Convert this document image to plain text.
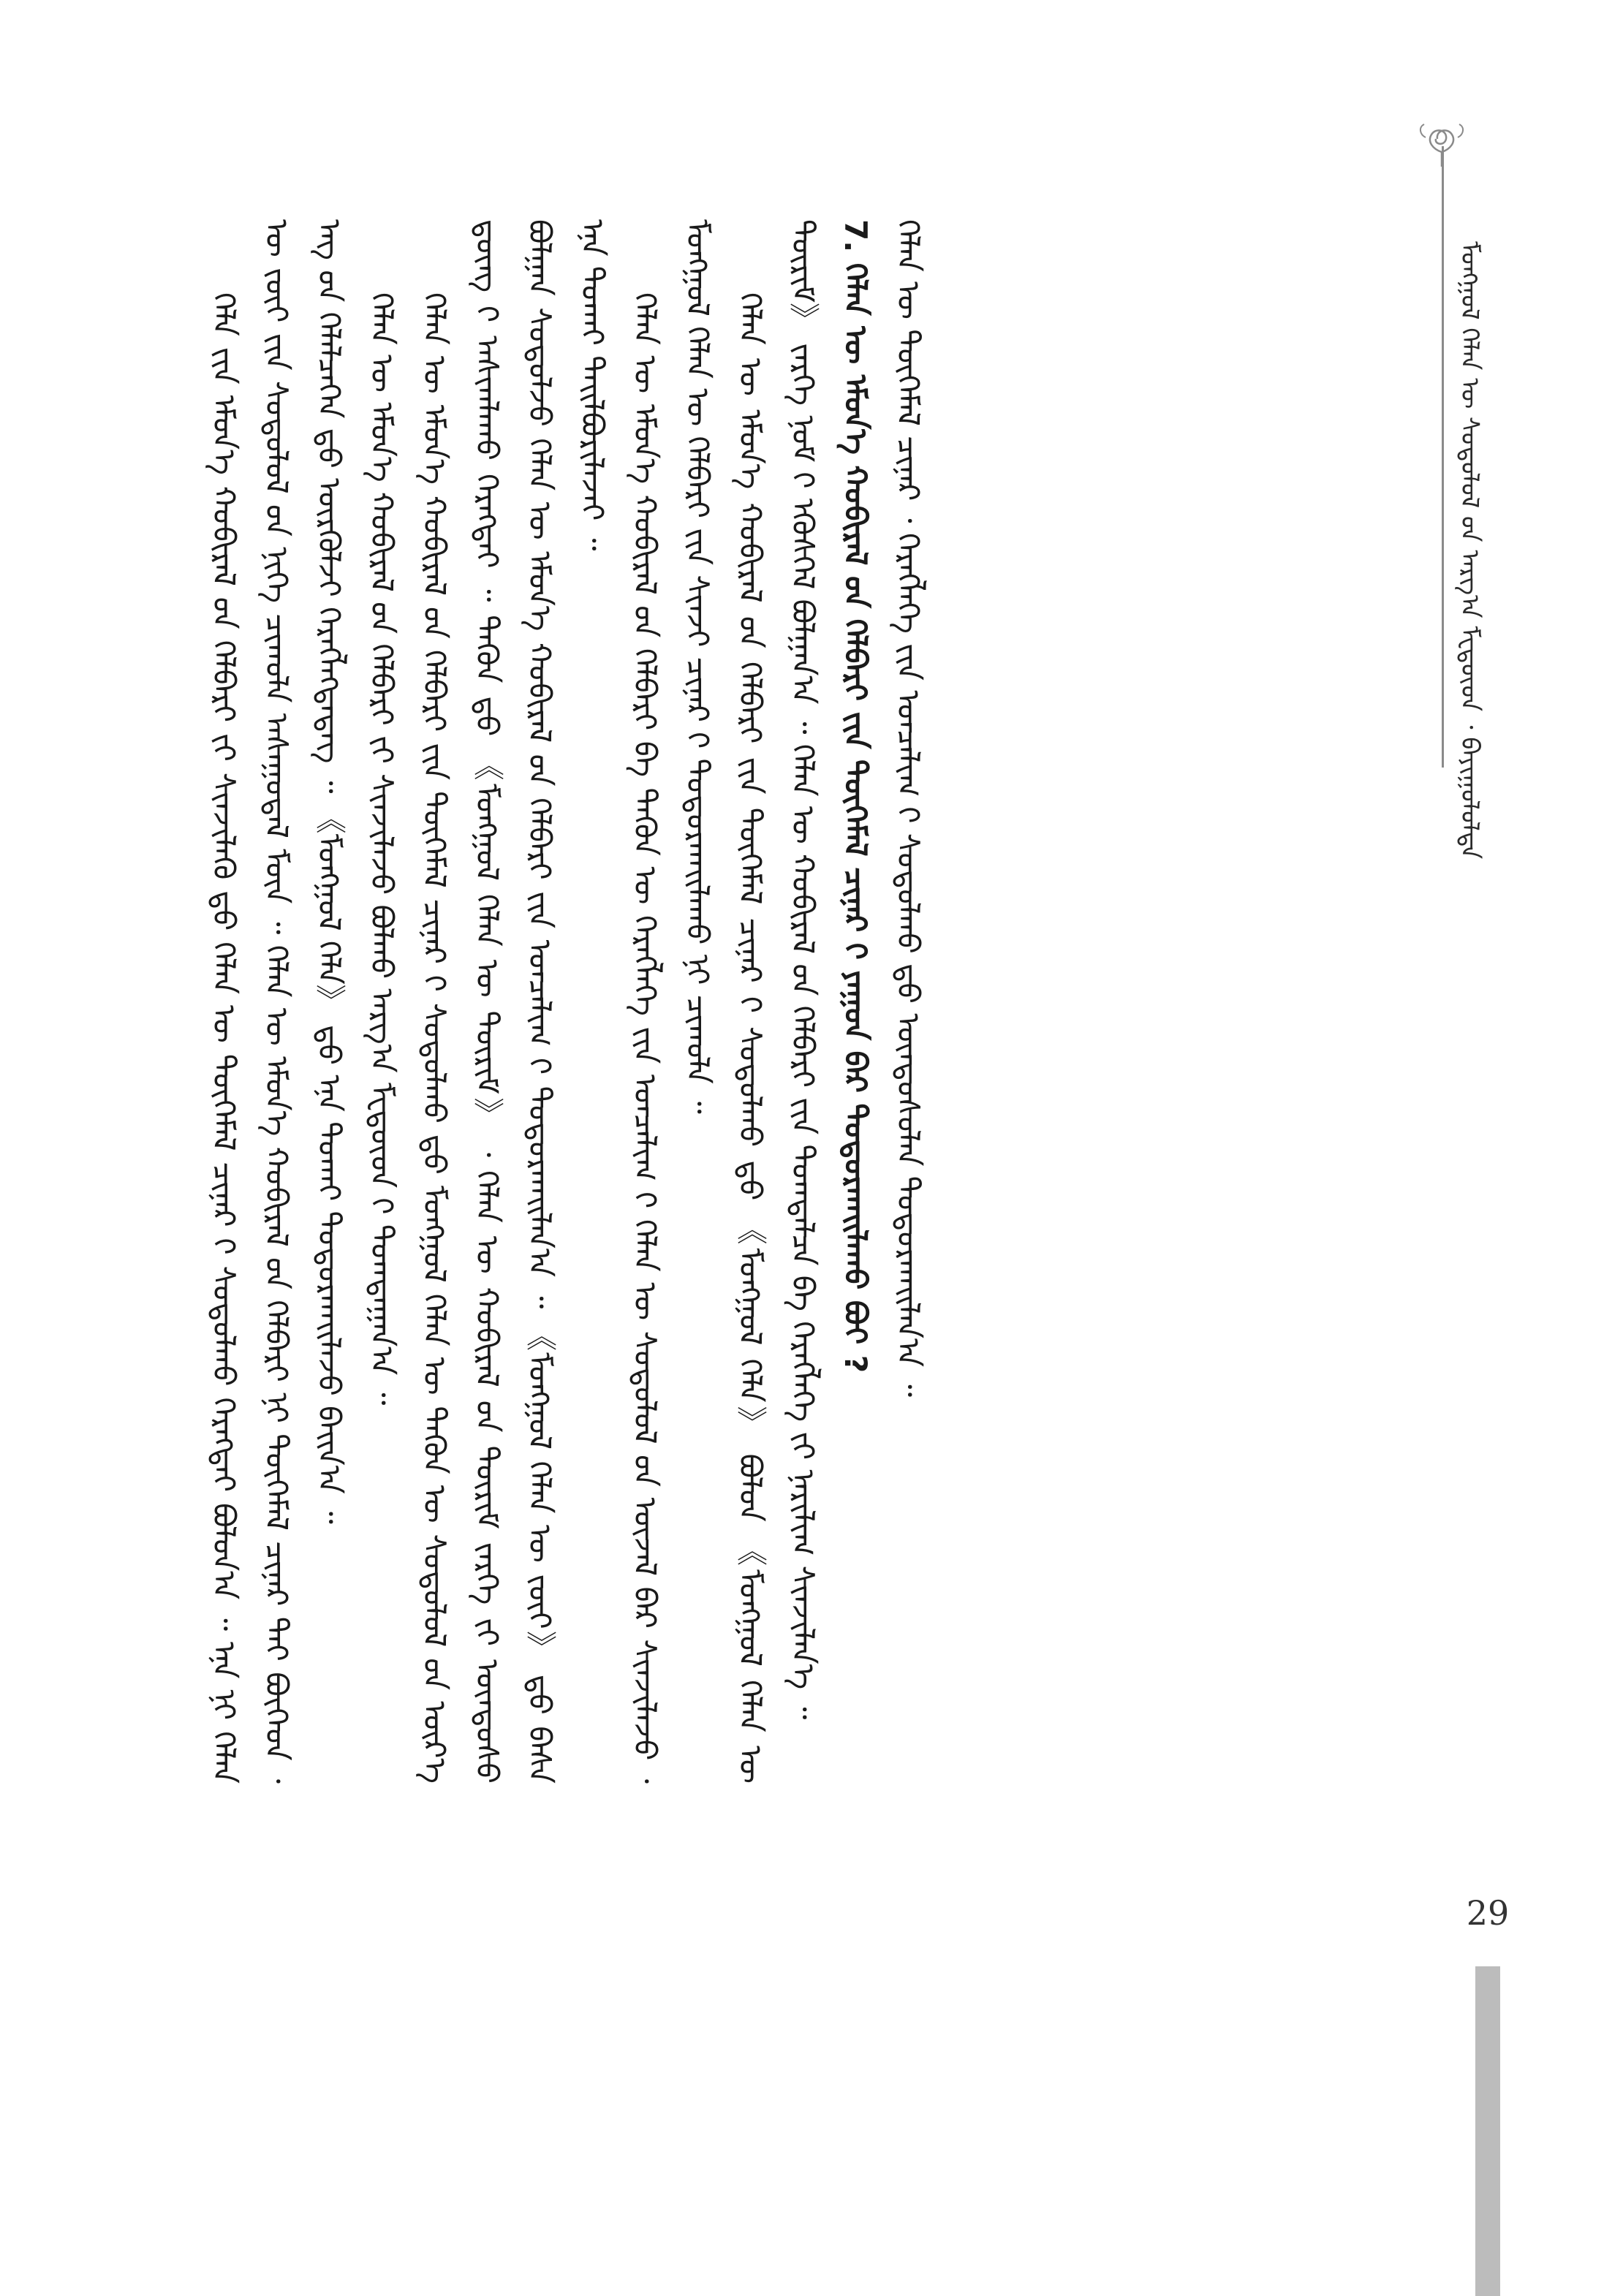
ᠮᠣᠩᠭᠣᠯ ᠬᠡᠯᠡᠨ ᠦ ᠰᠤᠳᠤᠯᠤᠯ ᠤ᠋ᠨ ᠠᠷᠭ᠎ᠠ ᠮᠸᠲᠦ᠋ᠳ ᠂ ᠪᠠᠶᠢᠭᠤᠯᠤᠯᠲᠠ

ᠬᠡᠯᠡ ᠶ᠋ᠢᠨ ᠡᠮᠦᠨ᠎ᠡ ᠬᠤᠪᠢᠷᠠᠯ ᠤ᠋ᠨ ᠬᠡᠯᠪᠡᠷᠢ ᠶ᠋ᠢ ᠰᠢᠨᠵᠢᠯᠡᠬᠦ ᠳ᠋ᠤ ᠬᠡᠯᠡᠨ ᠦ ᠲᠦᠭᠡᠮᠡᠯ ᠴᠢᠨᠠᠷ ᠢ᠋ ᠰᠤᠳᠤᠯᠬᠤ ᠬᠡᠷᠡᠭᠲᠡᠢ ᠪᠣᠯᠤᠨ᠎ᠠ ᠃ ᠡᠨᠡ ᠨᠢ ᠬᠡᠯᠡᠨ ᠦ ᠵᠦᠢ ᠶ᠋ᠢᠨ ᠰᠤᠳᠤᠯᠤᠯ ᠤ᠋ᠨ ᠨᠢᠭᠡ ᠴᠢᠬᠤᠯᠠ ᠠᠰᠠᠭᠤᠳᠠᠯ ᠮᠥᠨ ᠃ ᠬᠡᠯᠡᠨ ᠦ ᠡᠮᠦᠨ᠎ᠡ ᠬᠤᠪᠢᠷᠠᠯ ᠤ᠋ᠨ ᠬᠡᠯᠪᠡᠷᠢ ᠨᠢ ᠲᠦᠭᠡᠮᠡᠯ ᠴᠢᠨᠠᠷ ᠲᠠᠢ ᠪᠥᠭᠡᠳ ᠂ ᠡᠩ ᠤ᠋ᠨ ᠬᠡᠯᠡᠯᠴᠡᠭᠡᠨ ᠳ᠋ᠦ ᠦᠷᠭᠦᠯᠵᠢ ᠬᠡᠷᠡᠭᠯᠡᠭᠳᠡᠳᠡᠭ ᠃ 《ᠮᠣᠩᠭᠣᠯ ᠬᠡᠯᠡ》 ᠳ᠋ᠤ ᠡᠨᠡ ᠲᠤᠬᠠᠢ ᠲᠣᠳᠣᠷᠬᠠᠢᠯᠠᠵᠤ ᠪᠠᠢᠨ᠎ᠠ ᠃ ᠬᠡᠯᠡᠨ ᠦ ᠡᠮᠦᠨ᠎ᠡ ᠬᠤᠪᠢᠷᠠᠯ ᠤ᠋ᠨ ᠬᠡᠯᠪᠡᠷᠢ ᠶ᠋ᠢ ᠰᠢᠨᠵᠢᠯᠡᠵᠦ ᠪᠣᠯᠬᠤ ᠠᠷᠭ᠎ᠠ ᠮᠸᠲᠦ᠋ᠳ ᠢ᠋ ᠲᠣᠭᠲᠠᠭᠠᠨ᠎ᠠ ᠃ ᠬᠡᠯᠡᠨ ᠦ ᠡᠮᠦᠨ᠎ᠡ ᠬᠤᠪᠢᠷᠠᠯ ᠤ᠋ᠨ ᠬᠡᠯᠪᠡᠷᠢ ᠶ᠋ᠢᠨ ᠲᠦᠭᠡᠮᠡᠯ ᠴᠢᠨᠠᠷ ᠢ᠋ ᠰᠤᠳᠤᠯᠬᠤ ᠳ᠋ᠤ ᠮᠣᠩᠭᠣᠯ ᠬᠡᠯᠡᠨ ᠦ ᠲᠡᠭᠦᠨ ᠦ ᠰᠤᠳᠤᠯᠤᠯ ᠤ᠋ᠨ ᠦᠷ᠎ᠡ ᠳ᠋ᠦᠩ ᠢ᠋ ᠠᠰᠢᠭᠯᠠᠬᠤ ᠬᠡᠷᠡᠭᠲᠡᠢ ᠃ ᠲᠡᠭᠦᠨ ᠳ᠋ᠦ 《ᠮᠣᠩᠭᠣᠯ ᠬᠡᠯᠡᠨ ᠦ ᠳᠦᠷᠢᠮ》 ᠂ ᠬᠡᠯᠡᠨ ᠦ ᠬᠤᠪᠢᠷᠠᠯ ᠤ᠋ᠨ ᠳᠦᠷᠢᠮ ᠵᠡᠷᠭᠡ ᠶ᠋ᠢ ᠦᠨᠳᠦᠰᠦ ᠪᠣᠯᠭᠠᠨ ᠰᠤᠳᠤᠯᠵᠤ ᠬᠡᠯᠡᠨ ᠦ ᠡᠮᠦᠨ᠎ᠡ ᠬᠤᠪᠢᠷᠠᠯ ᠤ᠋ᠨ ᠬᠡᠯᠪᠡᠷᠢ ᠶ᠋ᠢᠨ ᠣᠨᠴᠠᠯᠢᠭ ᠢ᠋ ᠲᠣᠳᠣᠷᠬᠠᠢᠯᠠᠨ᠎ᠠ ᠃ 《ᠮᠣᠩᠭᠣᠯ ᠬᠡᠯᠡᠨ ᠦ ᠵᠦᠢ》 ᠳ᠋ᠦ ᠪᠠᠰᠠ ᠡᠨᠡ ᠲᠤᠬᠠᠢ ᠲᠠᠢᠯᠪᠤᠷᠢᠯᠠᠵᠠᠢ ᠃ ᠬᠡᠯᠡᠨ ᠦ ᠡᠮᠦᠨ᠎ᠡ ᠬᠤᠪᠢᠷᠠᠯ ᠤ᠋ᠨ ᠬᠡᠯᠪᠡᠷᠢ ᠪᠠ ᠲᠡᠭᠦᠨ ᠦ ᠬᠡᠷᠡᠭᠯᠡᠭᠡ ᠶ᠋ᠢᠨ ᠣᠨᠴᠠᠯᠢᠭ ᠢ᠋ ᠬᠡᠯᠡᠨ ᠦ ᠰᠤᠳᠤᠯᠤᠯ ᠤ᠋ᠨ ᠦᠵᠡᠯ ᠪᠠᠷ ᠰᠢᠨᠵᠢᠯᠡᠵᠦ ᠂ ᠮᠣᠩᠭᠣᠯ ᠬᠡᠯᠡᠨ ᠦ ᠬᠡᠯᠪᠡᠷᠢ ᠶ᠋ᠢᠨ ᠰᠢᠨᠵᠢ ᠴᠢᠨᠠᠷ ᠢ᠋ ᠲᠣᠳᠣᠷᠬᠠᠢᠯᠠᠬᠤ ᠨᠢ ᠴᠢᠬᠤᠯᠠ ᠃ ᠬᠡᠯᠡᠨ ᠦ ᠡᠮᠦᠨ᠎ᠡ ᠬᠤᠪᠢᠷᠠᠯ ᠤ᠋ᠨ ᠬᠡᠯᠪᠡᠷᠢ ᠶ᠋ᠢᠨ ᠲᠦᠭᠡᠮᠡᠯ ᠴᠢᠨᠠᠷ ᠢ᠋ ᠰᠤᠳᠤᠯᠬᠤ ᠳ᠋ᠤ 《ᠮᠣᠩᠭᠣᠯ ᠬᠡᠯᠡ》 ᠪᠣᠯᠤᠨ 《ᠮᠣᠩᠭᠣᠯ ᠬᠡᠯᠡᠨ ᠦ ᠳᠦᠷᠢᠮ》 ᠵᠡᠷᠭᠡ ᠨᠣᠮ ᠢ᠋ ᠡᠭᠦᠰᠭᠡᠯ ᠪᠣᠯᠭᠠᠨ᠎ᠠ ᠃ ᠬᠡᠯᠡᠨ ᠦ ᠬᠤᠪᠢᠷᠠᠯ ᠤ᠋ᠨ ᠬᠡᠯᠪᠡᠷᠢ ᠶ᠋ᠢᠨ ᠲᠣᠭᠲᠠᠯᠴᠠ ᠪᠠ ᠬᠡᠷᠡᠭᠯᠡᠭᠡ ᠶ᠋ᠢ ᠨᠠᠷᠢᠯᠢᠭ ᠰᠢᠨᠵᠢᠯᠡᠨ᠎ᠡ ᠃ 7. ᠬᠡᠯᠡᠨ ᠦ ᠡᠮᠦᠨ᠎ᠡ ᠬᠤᠪᠢᠷᠠᠯ ᠤ᠋ᠨ ᠬᠡᠯᠪᠡᠷᠢ ᠶ᠋ᠢᠨ ᠲᠦᠭᠡᠮᠡᠯ ᠴᠢᠨᠠᠷ ᠢ᠋ ᠶᠠᠭᠤᠨ ᠪᠠᠷ ᠲᠣᠳᠣᠷᠬᠠᠢᠯᠠᠬᠤ ᠪᠤᠢ ? ᠬᠡᠯᠡᠨ ᠦ ᠲᠦᠭᠡᠮᠡᠯ ᠴᠢᠨᠠᠷ ᠂ ᠬᠡᠷᠡᠭᠯᠡᠭᠡ ᠶ᠋ᠢᠨ ᠣᠨᠴᠠᠯᠢᠭ ᠢ᠋ ᠰᠤᠳᠤᠯᠬᠤ ᠳ᠋ᠤ ᠦᠨᠳᠦᠰᠦᠯᠡᠨ ᠲᠣᠳᠣᠷᠬᠠᠢᠯᠠᠨ᠎ᠠ ᠃

29
